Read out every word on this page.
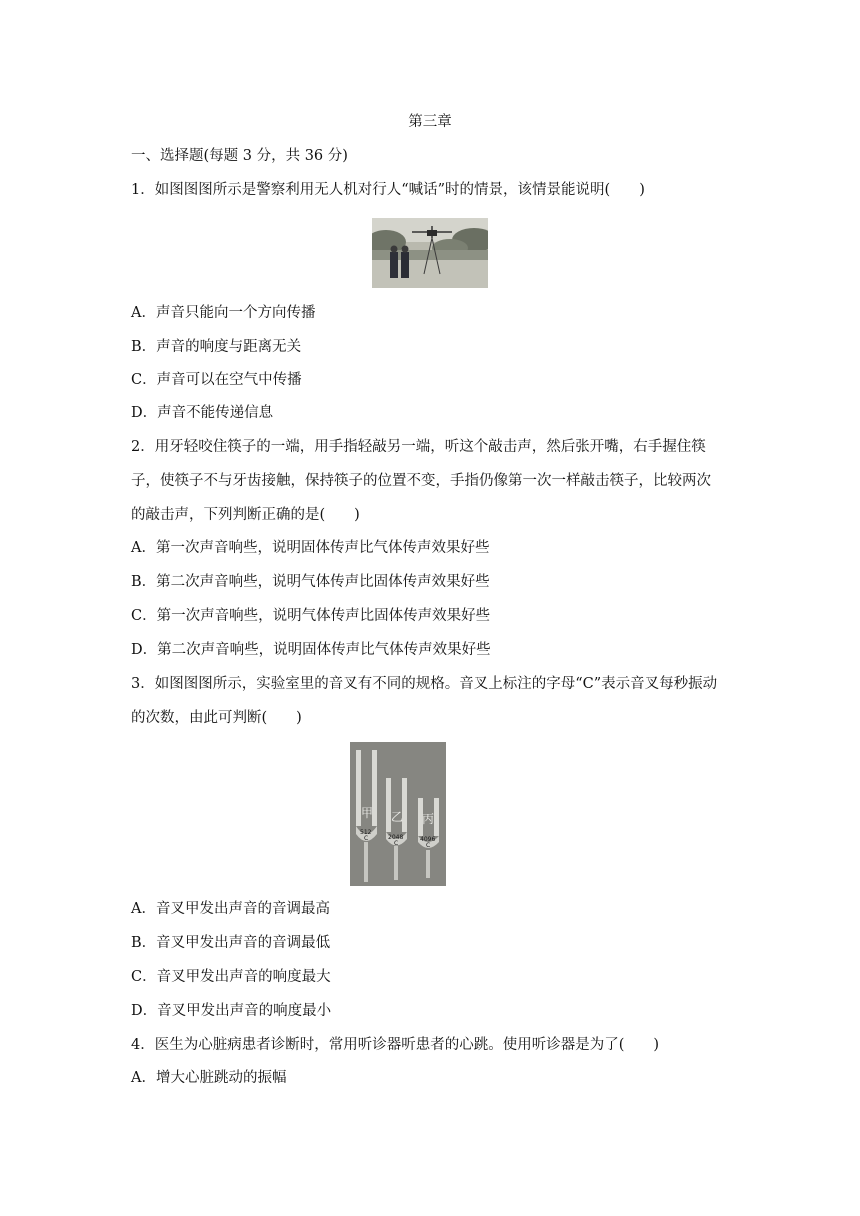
第三章
一、选择题(每题 3 分，共 36 分)
1．如图图图所示是警察利用无人机对行人“喊话”时的情景，该情景能说明(　　)
A．声音只能向一个方向传播
B．声音的响度与距离无关
C．声音可以在空气中传播
D．声音不能传递信息
2．用牙轻咬住筷子的一端，用手指轻敲另一端，听这个敲击声，然后张开嘴，右手握住筷
子，使筷子不与牙齿接触，保持筷子的位置不变，手指仍像第一次一样敲击筷子，比较两次
的敲击声，下列判断正确的是(　　)
A．第一次声音响些，说明固体传声比气体传声效果好些
B．第二次声音响些，说明气体传声比固体传声效果好些
C．第一次声音响些，说明气体传声比固体传声效果好些
D．第二次声音响些，说明固体传声比气体传声效果好些
3．如图图图所示，实验室里的音叉有不同的规格。音叉上标注的字母“C”表示音叉每秒振动
的次数，由此可判断(　　)
甲 乙 丙
512
C	2048
C
4096
C
A．音叉甲发出声音的音调最高
B．音叉甲发出声音的音调最低
C．音叉甲发出声音的响度最大
D．音叉甲发出声音的响度最小
4．医生为心脏病患者诊断时，常用听诊器听患者的心跳。使用听诊器是为了(　　)
A．增大心脏跳动的振幅
